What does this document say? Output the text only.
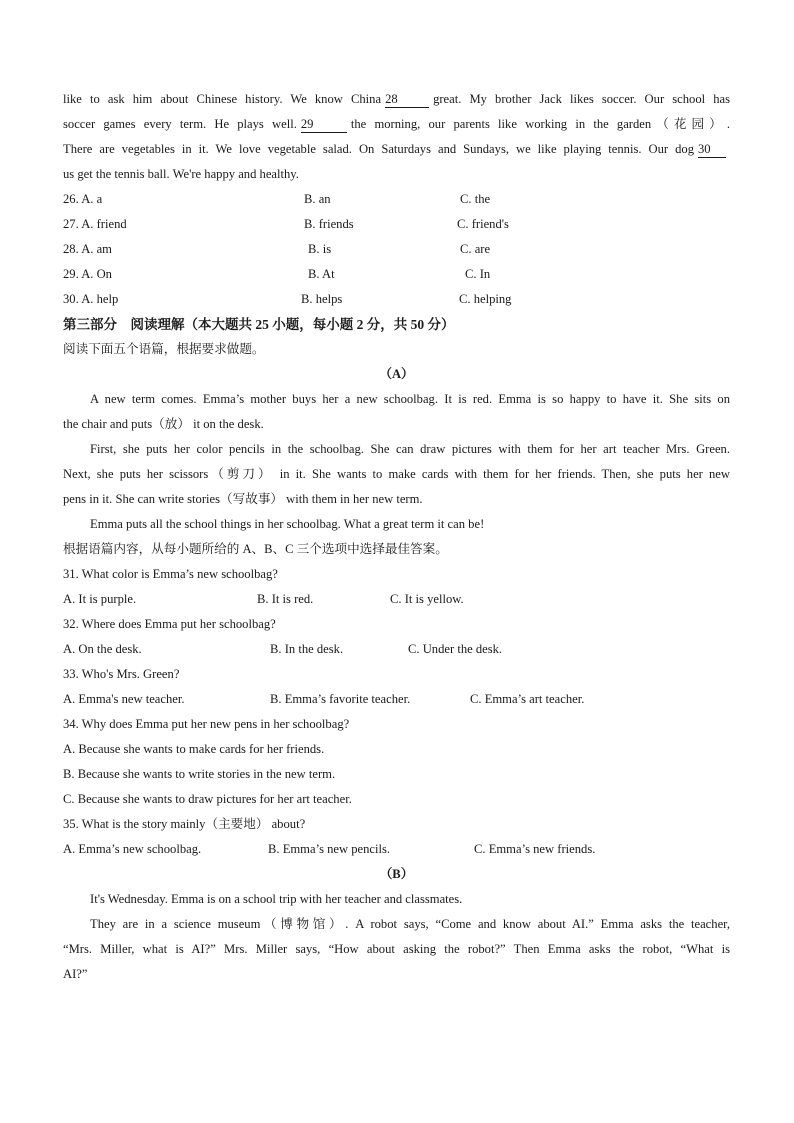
like to ask him about Chinese history. We know China 28	great. My brother Jack likes soccer. Our school has
soccer games every term. He plays well. 29	the morning, our parents like working in the garden（花园）.
There are vegetables in it. We love vegetable salad. On Saturdays and Sundays, we like playing tennis. Our dog 30
us get the tennis ball. We're happy and healthy.
26. A. a	B. an	C. the
27. A. friend	B. friends	C. friend's
28. A. am	B. is	C. are
29. A. On	B. At	C. In
30. A. help	B. helps	C. helping
第三部分　阅读理解（本大题共 25 小题，每小题 2 分，共 50 分）
阅读下面五个语篇，根据要求做题。
（A）
A new term comes. Emma’s mother buys her a new schoolbag. It is red. Emma is so happy to have it. She sits on
the chair and puts（放） it on the desk.
First, she puts her color pencils in the schoolbag. She can draw pictures with them for her art teacher Mrs. Green.
Next, she puts her scissors（剪刀） in it. She wants to make cards with them for her friends. Then, she puts her new
pens in it. She can write stories（写故事） with them in her new term.
Emma puts all the school things in her schoolbag. What a great term it can be!
根据语篇内容，从每小题所给的 A、B、C 三个选项中选择最佳答案。
31. What color is Emma’s new schoolbag?
A. It is purple.	B. It is red.	C. It is yellow.
32. Where does Emma put her schoolbag?
A. On the desk.	B. In the desk.	C. Under the desk.
33. Who's Mrs. Green?
A. Emma's new teacher.	B. Emma’s favorite teacher.	C. Emma’s art teacher.
34. Why does Emma put her new pens in her schoolbag?
A. Because she wants to make cards for her friends.
B. Because she wants to write stories in the new term.
C. Because she wants to draw pictures for her art teacher.
35. What is the story mainly（主要地） about?
A. Emma’s new schoolbag.	B. Emma’s new pencils.	C. Emma’s new friends.
（B）
It's Wednesday. Emma is on a school trip with her teacher and classmates.
They are in a science museum（博物馆）. A robot says, “Come and know about AI.” Emma asks the teacher,
“Mrs. Miller, what is AI?” Mrs. Miller says, “How about asking the robot?” Then Emma asks the robot, “What is
AI?”
